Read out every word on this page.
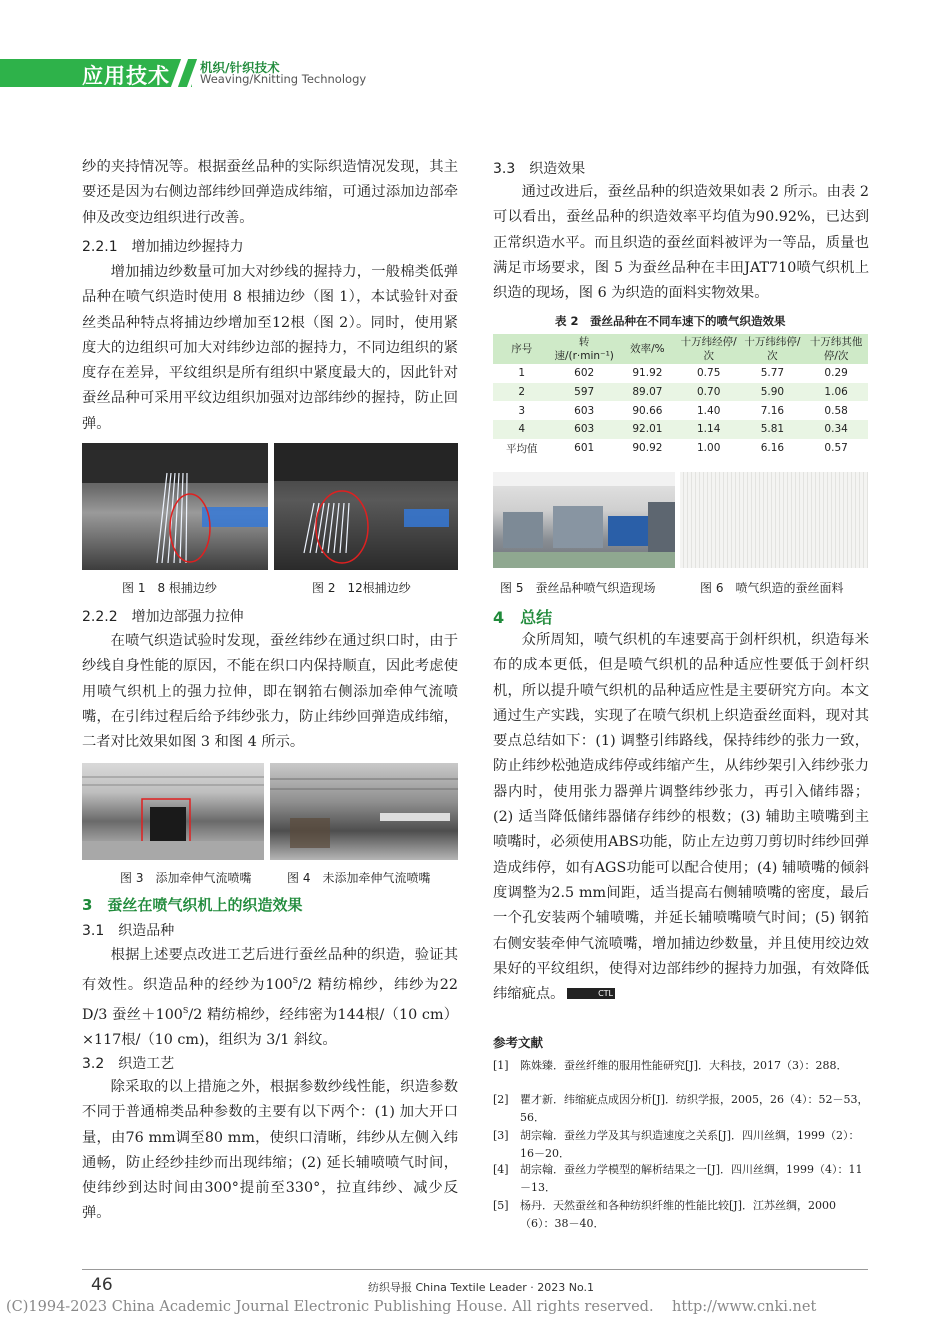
应用技术 机织/针织技术
Weaving/Knitting Technology

纱的夹持情况等。根据蚕丝品种的实际织造情况发现，其主要还是因为右侧边部纬纱回弹造成纬缩，可通过添加边部牵伸及改变边组织进行改善。

2.2.1　增加捕边纱握持力

增加捕边纱数量可加大对纱线的握持力，一般棉类低弹品种在喷气织造时使用 8 根捕边纱（图 1），本试验针对蚕丝类品种特点将捕边纱增加至12根（图 2）。同时，使用紧度大的边组织可加大对纬纱边部的握持力，不同边组织的紧度存在差异，平纹组织是所有组织中紧度最大的，因此针对蚕丝品种可采用平纹边组织加强对边部纬纱的握持，防止回弹。

图 1　8 根捕边纱	图 2　12根捕边纱
2.2.2　增加边部强力拉伸

在喷气织造试验时发现，蚕丝纬纱在通过织口时，由于纱线自身性能的原因，不能在织口内保持顺直，因此考虑使用喷气织机上的强力拉伸，即在钢筘右侧添加牵伸气流喷嘴，在引纬过程后给予纬纱张力，防止纬纱回弹造成纬缩，二者对比效果如图 3 和图 4 所示。

图 3　添加牵伸气流喷嘴	图 4　未添加牵伸气流喷嘴
3　蚕丝在喷气织机上的织造效果
3.1　织造品种

根据上述要点改进工艺后进行蚕丝品种的织造，验证其有效性。织造品种的经纱为$100^S/2$ 精纺棉纱，纬纱为22 D/3 蚕丝$+100^S/2$ 精纺棉纱，经纬密为144根/（10 cm）×117根/（10 cm)，组织为 3/1 斜纹。

3.2　织造工艺

除采取的以上措施之外，根据参数纱线性能，织造参数不同于普通棉类品种参数的主要有以下两个：(1) 加大开口量，由76 mm调至80 mm，使织口清晰，纬纱从左侧入纬通畅，防止经纱挂纱而出现纬缩；(2) 延长辅喷喷气时间，使纬纱到达时间由300°提前至330°，拉直纬纱、减少反弹。

3.3　织造效果

通过改进后，蚕丝品种的织造效果如表 2 所示。由表 2 可以看出，蚕丝品种的织造效率平均值为90.92%，已达到正常织造水平。而且织造的蚕丝面料被评为一等品，质量也满足市场要求，图 5 为蚕丝品种在丰田JAT710喷气织机上织造的现场，图 6 为织造的面料实物效果。

表 2　蚕丝品种在不同车速下的喷气织造效果
序号	转速/(r·min⁻¹)	效率/%	十万纬经停/次	十万纬纬停/次	十万纬其他停/次
1	602	91.92	0.75	5.77	0.29
2	597	89.07	0.70	5.90	1.06
3	603	90.66	1.40	7.16	0.58
4	603	92.01	1.14	5.81	0.34
平均值	601	90.92	1.00	6.16	0.57
图 5　蚕丝品种喷气织造现场	图 6　喷气织造的蚕丝面料
4　总结

众所周知，喷气织机的车速要高于剑杆织机，织造每米布的成本更低，但是喷气织机的品种适应性要低于剑杆织机，所以提升喷气织机的品种适应性是主要研究方向。本文通过生产实践，实现了在喷气织机上织造蚕丝面料，现对其要点总结如下：(1) 调整引纬路线，保持纬纱的张力一致，防止纬纱松弛造成纬停或纬缩产生，从纬纱架引入纬纱张力器内时，使用张力器弹片调整纬纱张力，再引入储纬器；(2) 适当降低储纬器储存纬纱的根数；(3) 辅助主喷嘴到主喷嘴时，必须使用ABS功能，防止左边剪刀剪切时纬纱回弹造成纬停，如有AGS功能可以配合使用；(4) 辅喷嘴的倾斜度调整为2.5 mm间距，适当提高右侧辅喷嘴的密度，最后一个孔安装两个辅喷嘴，并延长辅喷嘴喷气时间；(5) 钢筘右侧安装牵伸气流喷嘴，增加捕边纱数量，并且使用绞边效果好的平纹组织，使得对边部纬纱的握持力加强，有效降低纬缩疵点。	CTL

参考文献
[1] 陈姝臻．蚕丝纤维的服用性能研究[J]．大科技，2017（3）：288．
[2] 瞿才新．纬缩疵点成因分析[J]．纺织学报，2005，26（4）：52－53，56．
[3] 胡宗翰．蚕丝力学及其与织造速度之关系[J]．四川丝绸，1999（2）：16－20．
[4] 胡宗翰．蚕丝力学模型的解析结果之一[J]．四川丝绸，1999（4）：11－13．
[5] 杨丹．天然蚕丝和各种纺织纤维的性能比较[J]．江苏丝绸，2000（6）：38－40．
46	纺织导报 China Textile Leader · 2023 No.1
(C)1994-2023 China Academic Journal Electronic Publishing House. All rights reserved.    http://www.cnki.net
